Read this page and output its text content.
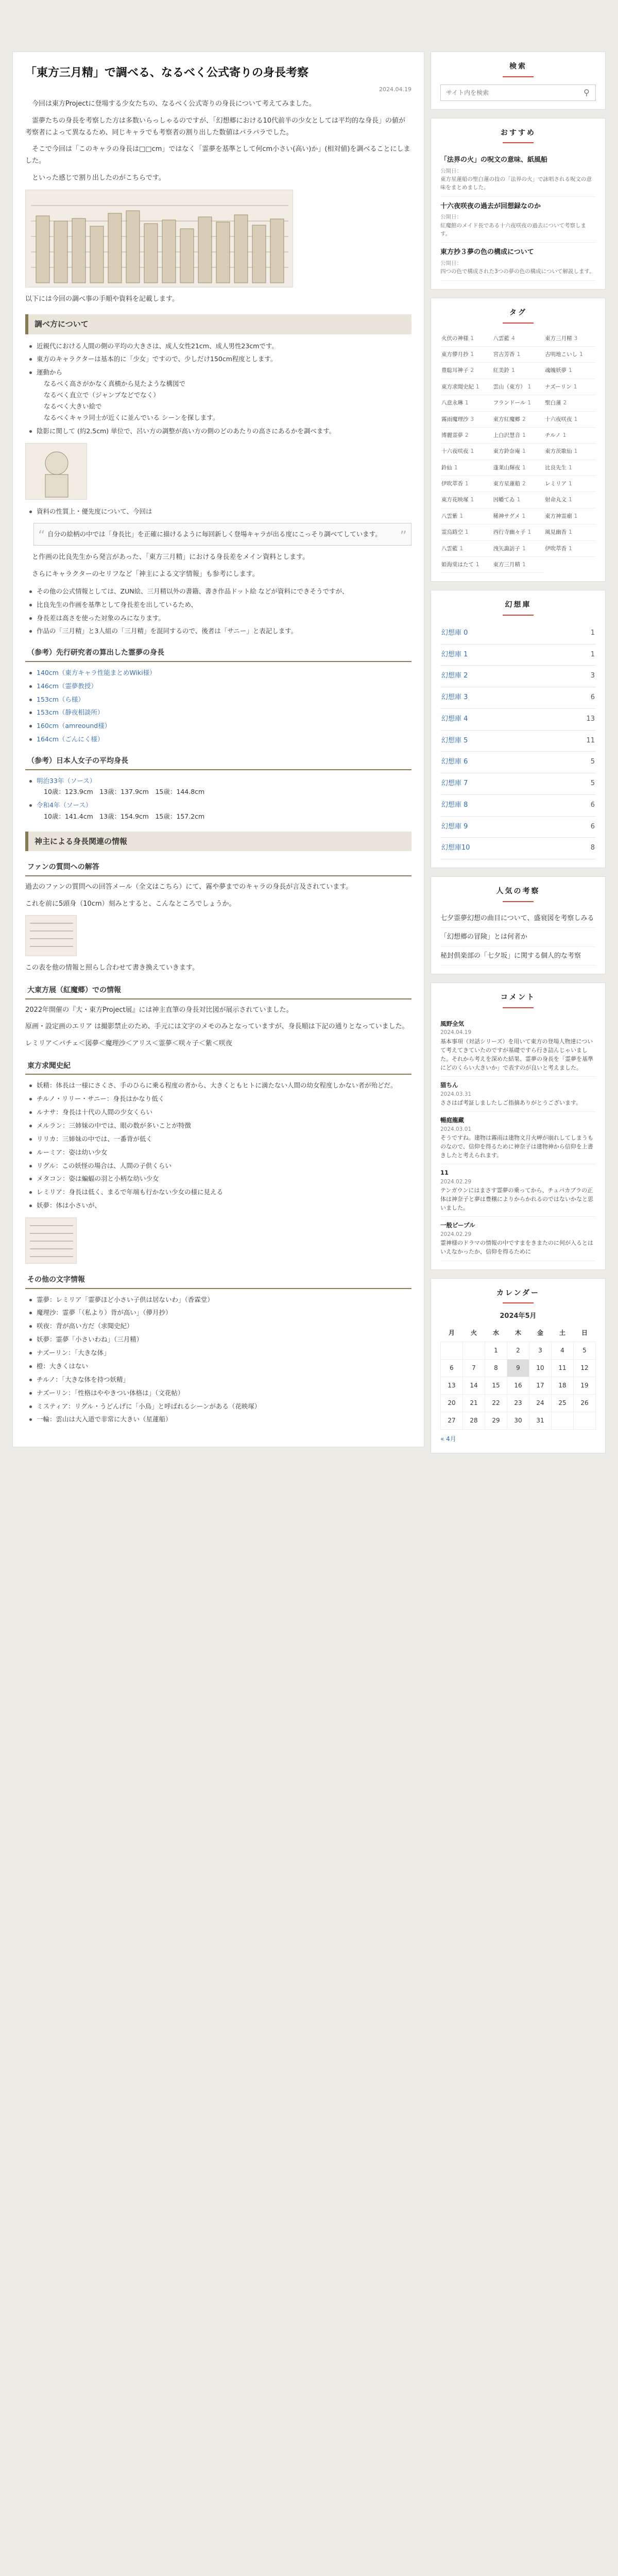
「東方三月精」で調べる、なるべく公式寄りの身長考察
2024.04.19

今回は東方Projectに登場する少女たちの、なるべく公式寄りの身長について考えてみました。

霊夢たちの身長を考察した方は多数いらっしゃるのですが、「幻想郷における10代前半の少女としては平均的な身長」の値が考察者によって異なるため、同じキャラでも考察者の割り出した数値はバラバラでした。

そこで今回は「このキャラの身長は□□cm」ではなく「霊夢を基準として何cm小さい(高い)か」(相対値)を調べることにしました。

といった感じで割り出したのがこちらです。

以下には今回の調べ事の手順や資料を記載します。

調べ方について
近親代における人間の側の平均の大きさは、成人女性21cm、成人男性23cmです。
東方のキャラクターは基本的に「少女」ですので、少しだけ150cm程度とします。
運動から
なるべく高さがかなく真横から見たような構図で
なるべく直立で（ジャンプなどでなく）
なるべく大きい絵で
なるべくキャラ同士が近くに並んでいる シーンを探します。
陰影に関して (約2.5cm) 単位で、呂い方の調整が高い方の側のどのあたりの高さにあるかを調べます。
資料の性質上・優先度について、今回は
“ 自分の絵柄の中では「身長比」を正確に描けるように毎回新しく登場キャラが出る度にこっそり調べてしています。 ”

と作画の比良先生から発言があった、「東方三月精」における身長差をメイン資料とします。

さらにキャラクターのセリフなど「神主による文字情報」も参考にします。

その他の公式情報としては、ZUN絵、三月精以外の書籍、書き作品ドット絵 などが資料にできそうですが、
比良先生の作画を基準として身長差を出しているため、
身長差は高さを使った対象のみになります。
作品の「三月精」と3人組の「三月精」を混同するので、後者は「サニー」と表記します。
（参考）先行研究者の算出した霊夢の身長
140cm（東方キャラ性能まとめWiki様）
146cm（霊夢教授）
153cm（ら様）
153cm（静夜相談所）
160cm（amreound様）
164cm（ごんにく様）
（参考）日本人女子の平均身長
明治33年（ソース）
10歳：123.9cm　13歳：137.9cm　15歳：144.8cm
令和4年（ソース）
10歳：141.4cm　13歳：154.9cm　15歳：157.2cm
神主による身長関連の情報
ファンの質問への解答

過去のファンの質問への回答メール（全文はこちら）にて、霧や夢までのキャラの身長が言及されています。

これを前に5頭身（10cm）刻みとすると、こんなところでしょうか。

この表を他の情報と照らし合わせて書き換えていきます。

大東方展（紅魔郷）での情報

2022年開催の『大・東方Project展』には神主直筆の身長対比図が展示されていました。

原画・設定画のエリア は撮影禁止のため、手元には文字のメモのみとなっていますが、身長順は下記の通りとなっていました。

レミリア＜パチェ＜図夢＜魔理沙＜アリス＜霊夢＜咲々子＜紫＜咲夜

東方求聞史紀
妖精：体長は一様にさくさ、手のひらに乗る程度の者から、大きくともヒトに満たない人間の幼女程度しかない者が殆どだ。
チルノ・リリー・サニー：身長はかなり低く
ルナサ：身長は十代の人間の少女くらい
メルラン：三姉妹の中では、眼の数が多いことが特徴
リリカ：三姉妹の中では、一番背が低く
ルーミア：姿は幼い少女
リグル：この妖怪の場合は、人間の子供くらい
メタコン：姿は蝙蝠の羽と小柄な幼い少女
レミリア：身長は低く、まるで年端も行かない少女の様に見える
妖夢：体は小さいが、
その他の文字情報
霊夢：レミリア「霊夢ほど小さい子供は居ないわ」（香霖堂）
魔理沙：霊夢「（私より）背が高い」（儚月抄）
咲夜：背が高い方だ（求聞史紀）
妖夢：霊夢「小さいわね」（三月精）
ナズーリン：「大きな体」
橙：大きくはない
チルノ：「大きな体を持つ妖精」
ナズーリン：「性格はややきつい体格は」（文花帖）
ミスティア：リグル・うどんげに「小鳥」と呼ばれるシーンがある（花映塚）
一輪：雲山は大入道で非常に大きい（星蓮船）
検索
サイト内を検索
⚲
おすすめ
「法界の火」の呪文の意味、紙風船
公開日：
東方星蓮船の聖白蓮の技の「法界の火」で詠唱される呪文の意味をまとめました。
十六夜咲夜の過去が回想録なのか
公開日：
紅魔館のメイド長である十六夜咲夜の過去について考察します。
東方抄３夢の色の構成について
公開日：
四つの色で構成された3つの夢の色の構成について解説します。
タグ
火伏の神様 1	八雲藍 4	東方三月精 3
東方儚月抄 1	宮古芳香 1	古明地こいし 1
豊聡耳神子 2	紅美鈴 1	魂魄妖夢 1
東方求聞史紀 1	雲山（東方） 1	ナズーリン 1
八意永琳 1	フランドール 1	聖白蓮 2
霧雨魔理沙 3	東方紅魔郷 2	十六夜咲夜 1
博麗霊夢 2	上白沢慧音 1	チルノ 1
十六夜咲夜 1	東方鈴奈庵 1	東方茨歌仙 1
鈴仙 1	蓬莱山輝夜 1	比良先生 1
伊吹萃香 1	東方星蓮船 2	レミリア 1
東方花映塚 1	因幡てゐ 1	射命丸文 1
八雲紫 1	稀神サグメ 1	東方神霊廟 1
霊烏路空 1	西行寺幽々子 1	風見幽香 1
八雲藍 1	洩矢諏訪子 1	伊吹萃香 1
姫海棠はたて 1	東方三月精 1
幻想庫
幻想庫 0	1
幻想庫 1	1
幻想庫 2	3
幻想庫 3	6
幻想庫 4	13
幻想庫 5	11
幻想庫 6	5
幻想庫 7	5
幻想庫 8	6
幻想庫 9	6
幻想庫10	8
人気の考察
七夕霊夢幻想の曲目について、盛衰図を考察しみる
「幻想郷の冒険」とは何者か
秘封倶楽部の「七夕坂」に関する個人的な考察
コメント
風野全気
2024.04.19
基本事項（対話シリーズ）を用いて東方の登場人物達について考えてきていたのですが基礎ですら行き詰んじゃいました。それから考えを深めた結果、霊夢の身長を「霊夢を基準にどのくらい大きいか」で表すのが良いと考えました。
猫ちん
2024.03.31
ささはば考証しましたしご指摘ありがとうございます。
暢庭龍藏
2024.03.01
そうですね。建物は霧雨は建物文月火岬が崩れしてしまうものなので、信仰を得るために神奈子は建物神から信仰を上書きしたと考えられます。
11
2024.02.29
テンガウンにはまさす霊夢の乗ってから、チュパカブラの正体は神奈子と夢は豊穣によりからかれるのではないかなと思いました。
一般ピープル
2024.02.29
霊神様のドラマの情報の中ですまをきまたのに何が入るとはいえなかったか、信仰を得るために
カレンダー
2024年5月
月	火	水	木	金	土	日
		1	2	3	4	5
6	7	8	9	10	11	12
13	14	15	16	17	18	19
20	21	22	23	24	25	26
27	28	29	30	31		
« 4月
